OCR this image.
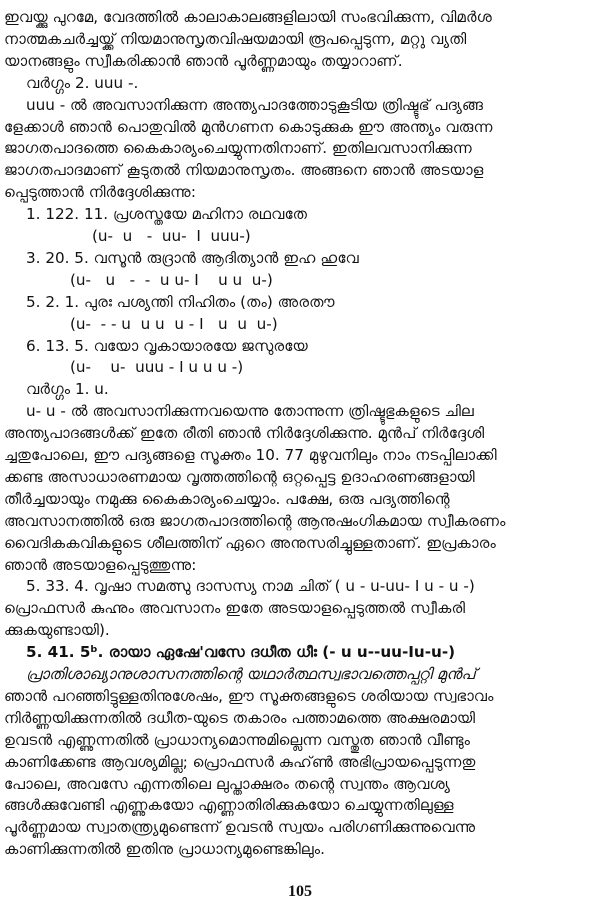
ഇവയ്ക്കു പുറമേ, വേദത്തിൽ കാലാകാലങ്ങളിലായി സംഭവിക്കുന്ന, വിമർശ
നാത്മകചർച്ചയ്ക്ക് നിയമാനുസൃതവിഷയമായി രൂപപ്പെടുന്ന, മറ്റു വ്യതി
യാനങ്ങളും സ്വീകരിക്കാൻ ഞാൻ പൂർണ്ണമായും തയ്യാറാണ്.
വർഗ്ഗം 2. uuu -.
uuu - ൽ അവസാനിക്കുന്ന അന്ത്യപാദത്തോടുകൂടിയ ത്രിഷ്ടുഭ് പദ്യങ്ങ
ളേക്കാൾ ഞാൻ പൊതുവിൽ മുൻഗണന കൊടുക്കുക ഈ അന്ത്യം വരുന്ന
ജാഗതപാദത്തെ കൈകാര്യംചെയ്യുന്നതിനാണ്. ഇതിലവസാനിക്കുന്ന
ജാഗതപാദമാണ് കൂടുതൽ നിയമാനുസൃതം. അങ്ങനെ ഞാൻ അടയാള
പ്പെടുത്താൻ നിർദ്ദേശിക്കുന്നു:
1. 122. 11. പ്രശസ്തയേ മഹിനാ രഥവതേ
(u-  u   -  uu-  I  uuu-)
3. 20. 5. വസൂൻ രുദ്രാൻ ആദിത്യാൻ ഇഹ ഹുവേ
(u-   u   -  -  u u- I    u u  u-)
5. 2. 1. പുരഃ പശ്യന്തി നിഹിതം (തം) അരതൗ
(u-  - - u  u u  u - I   u  u  u-)
6. 13. 5. വയോ വൃകായാരയേ ജസുരയേ
(u-    u-  uuu - I u u u -)
വർഗ്ഗം 1. u.
u- u - ൽ അവസാനിക്കുന്നവയെന്നു തോന്നുന്ന ത്രിഷ്ടുഭുകളുടെ ചില
അന്ത്യപാദങ്ങൾക്ക് ഇതേ രീതി ഞാൻ നിർദ്ദേശിക്കുന്നു. മുൻപ് നിർദ്ദേശി
ച്ചതുപോലെ, ഈ പദ്യങ്ങളെ സൂക്തം 10. 77 മുഴുവനിലും നാം നടപ്പിലാക്കി
ക്കണ്ട അസാധാരണമായ വൃത്തത്തിന്റെ ഒറ്റപ്പെട്ട ഉദാഹരണങ്ങളായി
തീർച്ചയായും നമുക്കു കൈകാര്യംചെയ്യാം. പക്ഷേ, ഒരു പദ്യത്തിന്റെ
അവസാനത്തിൽ ഒരു ജാഗതപാദത്തിന്റെ ആനുഷംഗികമായ സ്വീകരണം
വൈദികകവികളുടെ ശീലത്തിന് ഏറെ അനുസരിച്ചുള്ളതാണ്. ഇപ്രകാരം
ഞാൻ അടയാളപ്പെടുത്തുന്നു:
5. 33. 4. വൃഷാ സമത്സു ദാസസ്യ നാമ ചിത് ( u - u-uu- I u - u -)
പ്രൊഫസർ കുഹ്നും അവസാനം ഇതേ അടയാളപ്പെടുത്തൽ സ്വീകരി
ക്കുകയുണ്ടായി).
5. 41. 5ᵇ. രായാ ഏഷേ'വസേ ദധീത ധീഃ (- u u--uu-Iu-u-)
പ്രാതിശാഖ്യാനുശാസനത്തിന്റെ യഥാർത്ഥസ്വഭാവത്തെപ്പറ്റി മുൻപ്
ഞാൻ പറഞ്ഞിട്ടുള്ളതിനുശേഷം, ഈ സൂക്തങ്ങളുടെ ശരിയായ സ്വഭാവം
നിർണ്ണയിക്കുന്നതിൽ ദധീത-യുടെ തകാരം പത്താമത്തെ അക്ഷരമായി
ഉവടൻ എണ്ണുന്നതിൽ പ്രാധാന്യമൊന്നുമില്ലെന്ന വസ്തുത ഞാൻ വീണ്ടും
കാണിക്കേണ്ട ആവശ്യമില്ല; പ്രൊഫസർ കുഹ്ൺ അഭിപ്രായപ്പെടുന്നതു
പോലെ, അവസേ എന്നതിലെ ലുപ്താക്ഷരം തന്റെ സ്വന്തം ആവശ്യ
ങ്ങൾക്കുവേണ്ടി എണ്ണുകയോ എണ്ണാതിരിക്കുകയോ ചെയ്യുന്നതിലുള്ള
പൂർണ്ണമായ സ്വാതന്ത്ര്യമുണ്ടെന്ന് ഉവടൻ സ്വയം പരിഗണിക്കുന്നുവെന്നു
കാണിക്കുന്നതിൽ ഇതിനു പ്രാധാന്യമുണ്ടെങ്കിലും.
105
